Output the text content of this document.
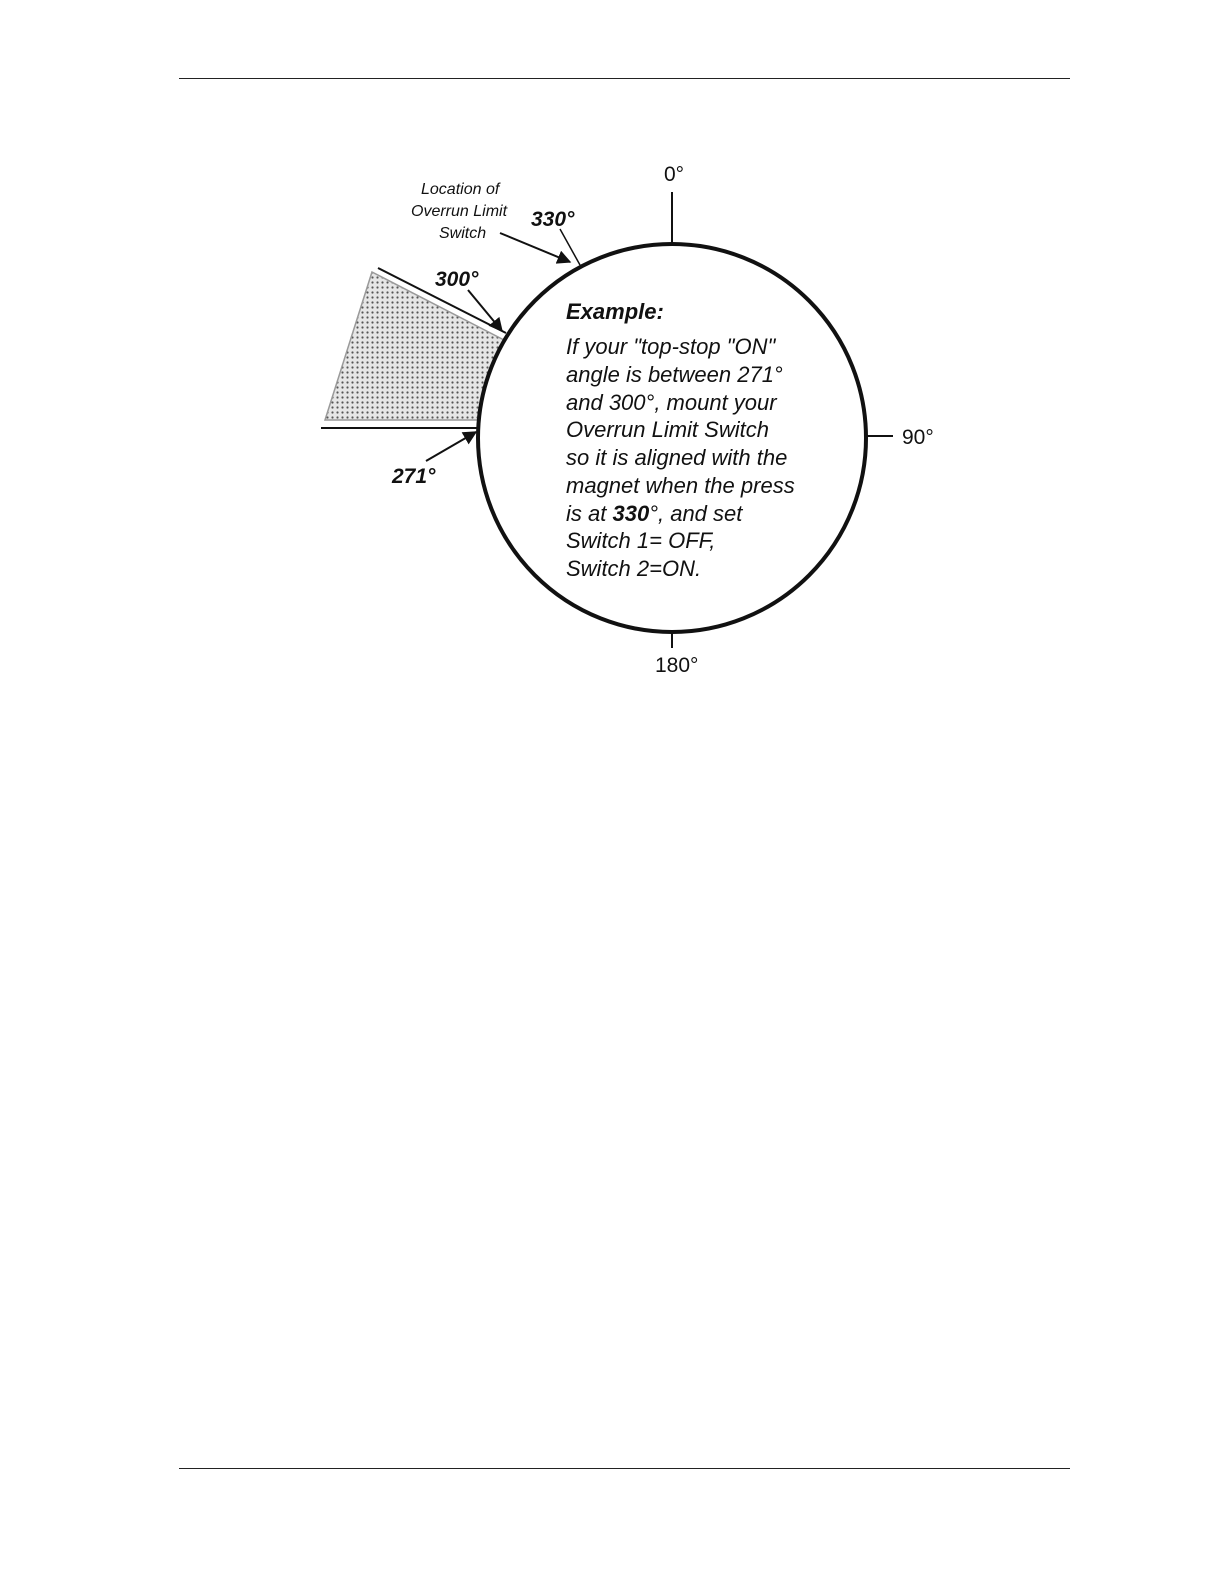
0°
90°
180°
330°
300°
271°
Location of
Overrun Limit
Switch
Example:
If your "top-stop "ON"
angle is between 271°
and 300°, mount your
Overrun Limit Switch
so it is aligned with the
magnet when the press
is at 330°, and set
Switch 1= OFF,
Switch 2=ON.
